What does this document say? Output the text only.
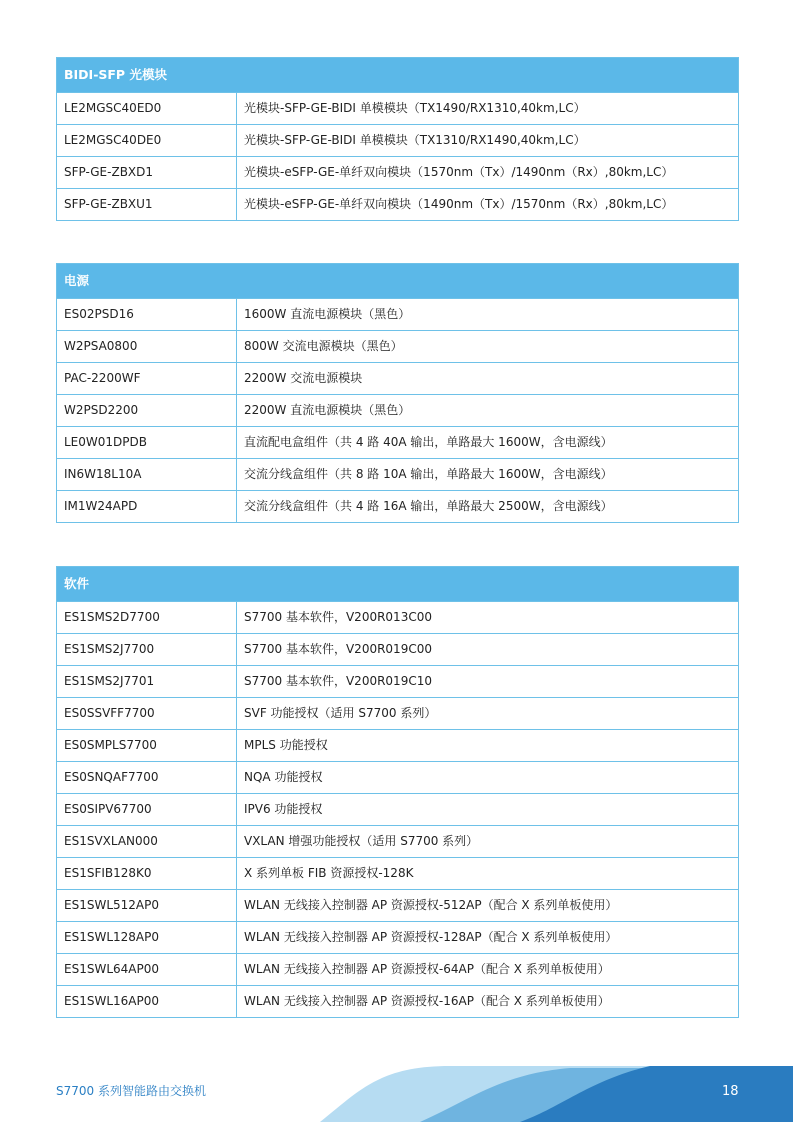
BIDI-SFP 光模块	
LE2MGSC40ED0	光模块-SFP-GE-BIDI 单模模块（TX1490/RX1310,40km,LC）
LE2MGSC40DE0	光模块-SFP-GE-BIDI 单模模块（TX1310/RX1490,40km,LC）
SFP-GE-ZBXD1	光模块-eSFP-GE-单纤双向模块（1570nm（Tx）/1490nm（Rx）,80km,LC）
SFP-GE-ZBXU1	光模块-eSFP-GE-单纤双向模块（1490nm（Tx）/1570nm（Rx）,80km,LC）
电源	
ES02PSD16	1600W 直流电源模块（黑色）
W2PSA0800	800W 交流电源模块（黑色）
PAC-2200WF	2200W 交流电源模块
W2PSD2200	2200W 直流电源模块（黑色）
LE0W01DPDB	直流配电盒组件（共 4 路 40A 输出，单路最大 1600W，含电源线）
IN6W18L10A	交流分线盒组件（共 8 路 10A 输出，单路最大 1600W，含电源线）
IM1W24APD	交流分线盒组件（共 4 路 16A 输出，单路最大 2500W，含电源线）
软件	
ES1SMS2D7700	S7700 基本软件，V200R013C00
ES1SMS2J7700	S7700 基本软件，V200R019C00
ES1SMS2J7701	S7700 基本软件，V200R019C10
ES0SSVFF7700	SVF 功能授权（适用 S7700 系列）
ES0SMPLS7700	MPLS 功能授权
ES0SNQAF7700	NQA 功能授权
ES0SIPV67700	IPV6 功能授权
ES1SVXLAN000	VXLAN 增强功能授权（适用 S7700 系列）
ES1SFIB128K0	X 系列单板 FIB 资源授权-128K
ES1SWL512AP0	WLAN 无线接入控制器 AP 资源授权-512AP（配合 X 系列单板使用）
ES1SWL128AP0	WLAN 无线接入控制器 AP 资源授权-128AP（配合 X 系列单板使用）
ES1SWL64AP00	WLAN 无线接入控制器 AP 资源授权-64AP（配合 X 系列单板使用）
ES1SWL16AP00	WLAN 无线接入控制器 AP 资源授权-16AP（配合 X 系列单板使用）
S7700 系列智能路由交换机	18
